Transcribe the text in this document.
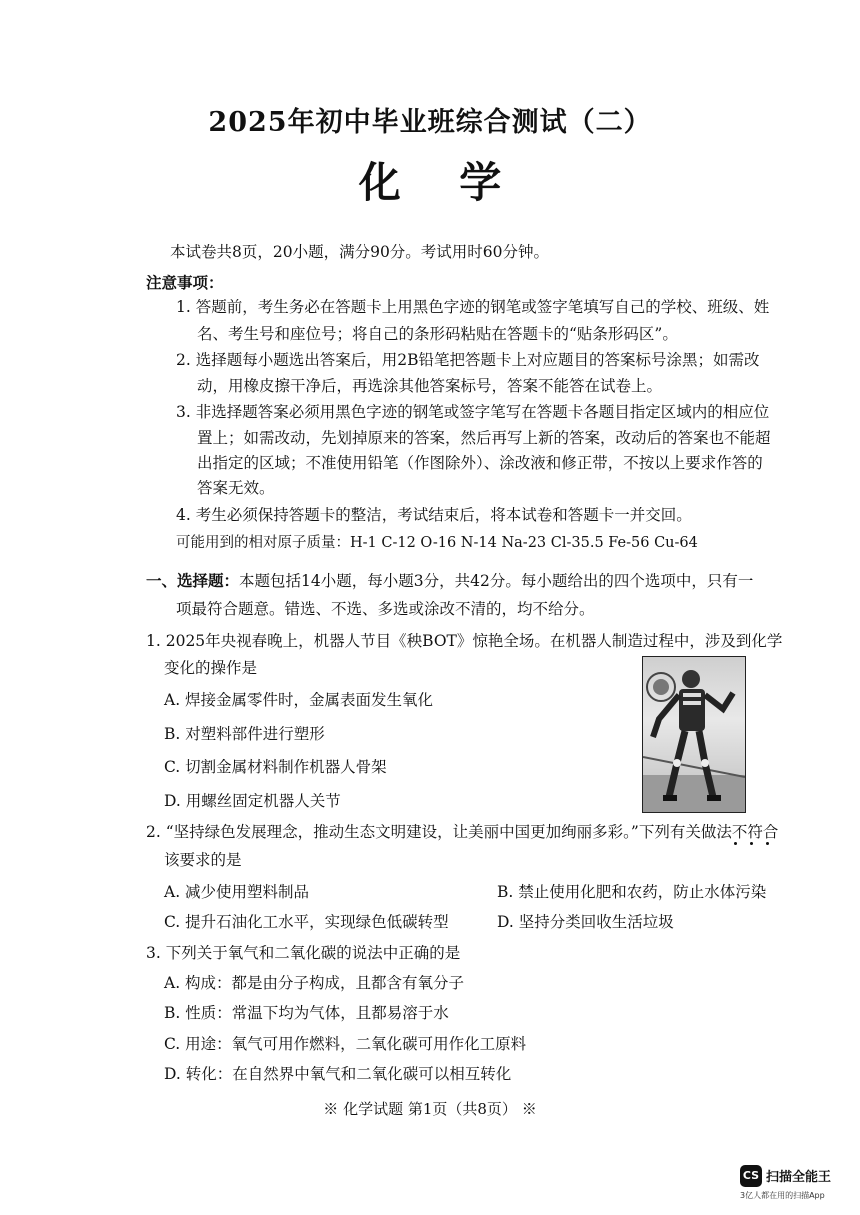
2025年初中毕业班综合测试（二）
化 学
本试卷共8页，20小题，满分90分。考试用时60分钟。
注意事项：
1. 答题前，考生务必在答题卡上用黑色字迹的钢笔或签字笔填写自己的学校、班级、姓
名、考生号和座位号；将自己的条形码粘贴在答题卡的“贴条形码区”。
2. 选择题每小题选出答案后，用2B铅笔把答题卡上对应题目的答案标号涂黑；如需改
动，用橡皮擦干净后，再选涂其他答案标号，答案不能答在试卷上。
3. 非选择题答案必须用黑色字迹的钢笔或签字笔写在答题卡各题目指定区域内的相应位
置上；如需改动，先划掉原来的答案，然后再写上新的答案，改动后的答案也不能超
出指定的区域；不准使用铅笔（作图除外）、涂改液和修正带，不按以上要求作答的
答案无效。
4. 考生必须保持答题卡的整洁，考试结束后，将本试卷和答题卡一并交回。
可能用到的相对原子质量：H-1 C-12 O-16 N-14 Na-23 Cl-35.5 Fe-56 Cu-64
一、选择题：本题包括14小题，每小题3分，共42分。每小题给出的四个选项中，只有一
项最符合题意。错选、不选、多选或涂改不清的，均不给分。
1. 2025年央视春晚上，机器人节目《秧BOT》惊艳全场。在机器人制造过程中，涉及到化学
变化的操作是
A. 焊接金属零件时，金属表面发生氧化
B. 对塑料部件进行塑形
C. 切割金属材料制作机器人骨架
D. 用螺丝固定机器人关节
2. “坚持绿色发展理念，推动生态文明建设，让美丽中国更加绚丽多彩。”下列有关做法不符合
该要求的是
A. 减少使用塑料制品	B. 禁止使用化肥和农药，防止水体污染
C. 提升石油化工水平，实现绿色低碳转型	D. 坚持分类回收生活垃圾
3. 下列关于氧气和二氧化碳的说法中正确的是
A. 构成：都是由分子构成，且都含有氧分子
B. 性质：常温下均为气体，且都易溶于水
C. 用途：氧气可用作燃料，二氧化碳可用作化工原料
D. 转化：在自然界中氧气和二氧化碳可以相互转化
※ 化学试题 第1页（共8页） ※
CS 扫描全能王
3亿人都在用的扫描App
